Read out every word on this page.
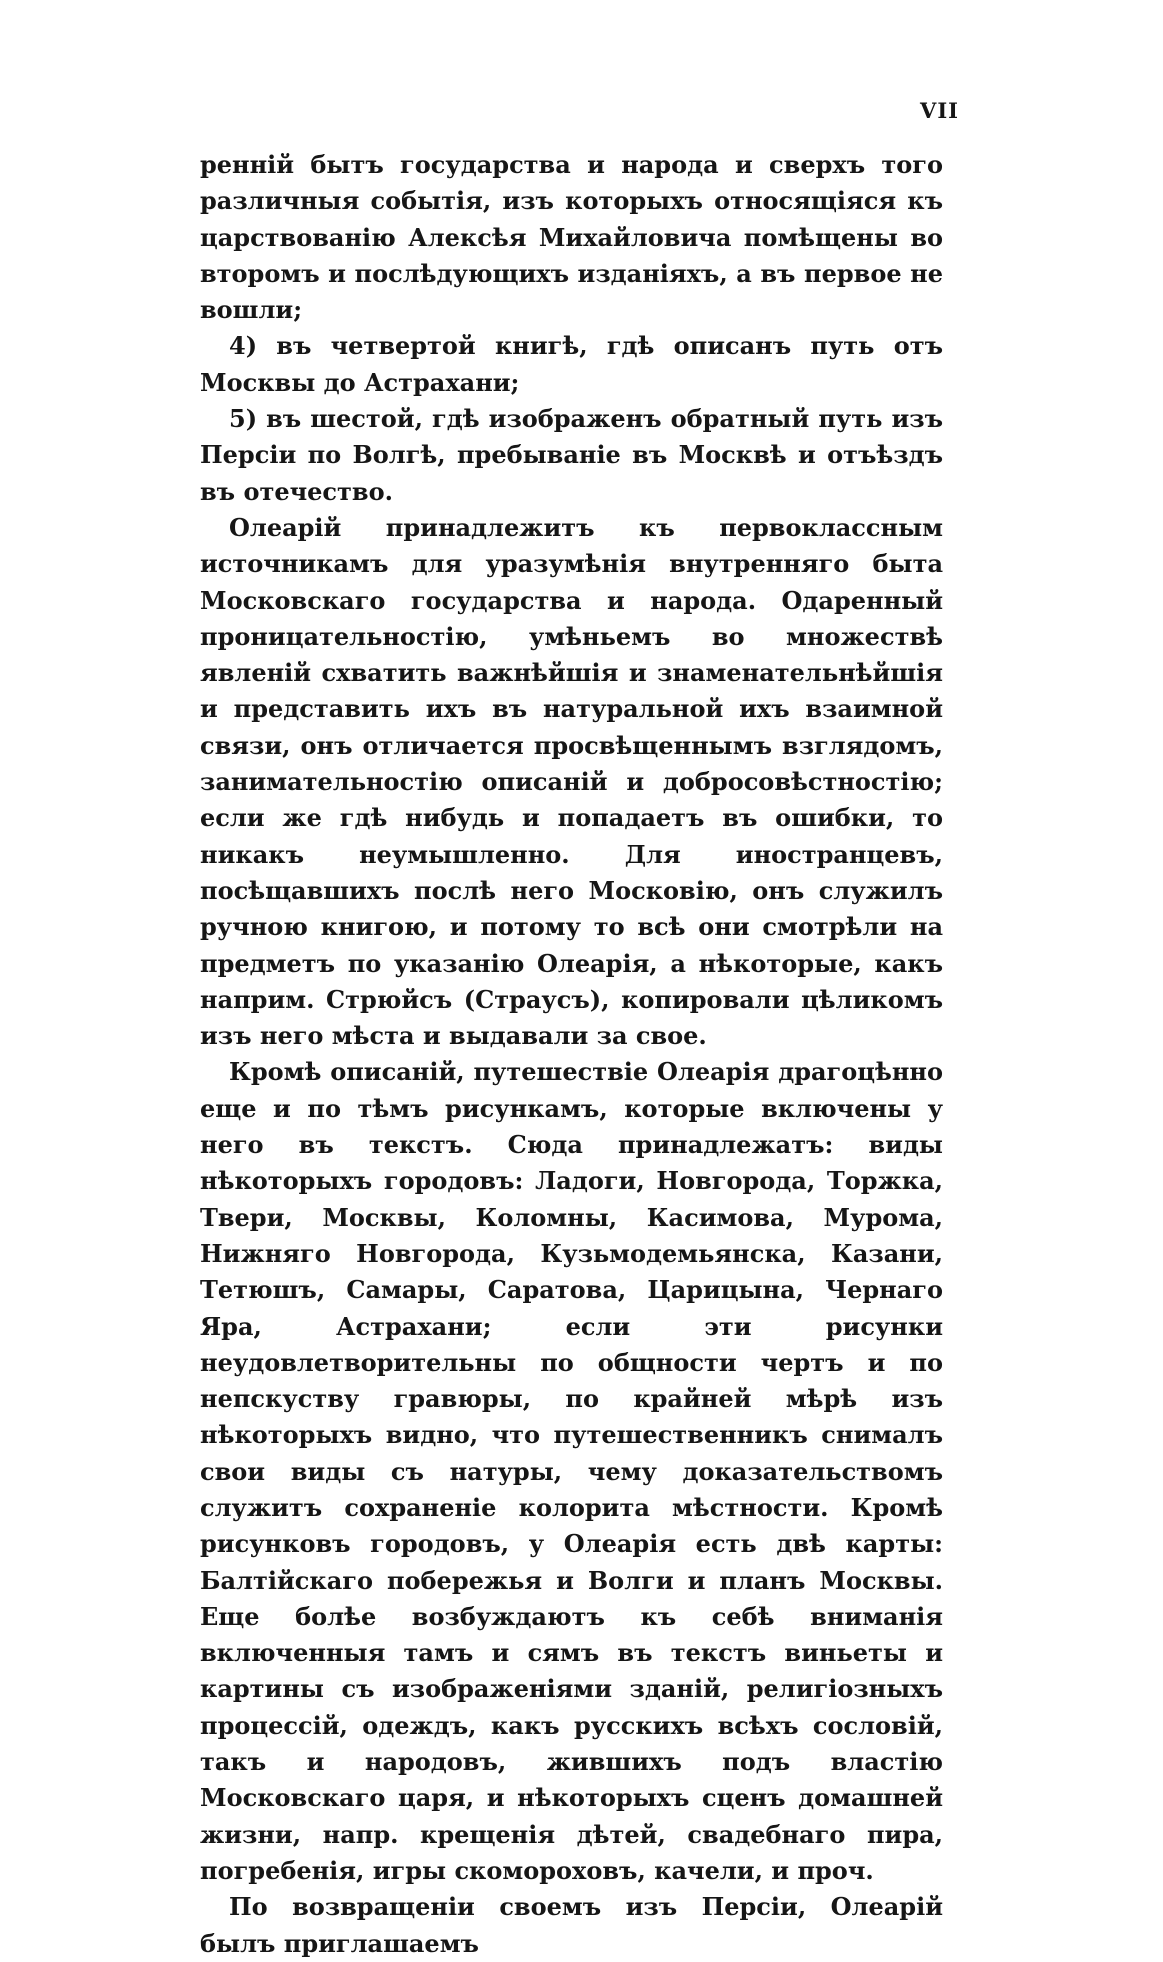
VII

ренній бытъ государства и народа и сверхъ того различныя событія, изъ которыхъ относящіяся къ царствованію Алексѣя Михайловича помѣщены во второмъ и послѣдующихъ изданіяхъ, а въ первое не вошли;

4) въ четвертой книгѣ, гдѣ описанъ путь отъ Москвы до Астрахани;

5) въ шестой, гдѣ изображенъ обратный путь изъ Персіи по Волгѣ, пребываніе въ Москвѣ и отъѣздъ въ отечество.

Олеарій принадлежитъ къ первоклассным источникамъ для уразумѣнія внутренняго быта Московскаго государства и народа. Одаренный проницательностію, умѣньемъ во множествѣ явленій схватить важнѣйшія и знаменательнѣйшія и представить ихъ въ натуральной ихъ взаимной связи, онъ отличается просвѣщеннымъ взглядомъ, занимательностію описаній и добросовѣстностію; если же гдѣ нибудь и попадаетъ въ ошибки, то никакъ неумышленно. Для иностранцевъ, посѣщавшихъ послѣ него Московію, онъ служилъ ручною книгою, и потому то всѣ они смотрѣли на предметъ по указанію Олеарія, а нѣкоторые, какъ наприм. Стрюйсъ (Страусъ), копировали цѣликомъ изъ него мѣста и выдавали за свое.

Кромѣ описаній, путешествіе Олеарія драгоцѣнно еще и по тѣмъ рисункамъ, которые включены у него въ текстъ. Сюда принадлежатъ: виды нѣкоторыхъ городовъ: Ладоги, Новгорода, Торжка, Твери, Москвы, Коломны, Касимова, Мурома, Нижняго Новгорода, Кузьмодемьянска, Казани, Тетюшъ, Самары, Саратова, Царицына, Чернаго Яра, Астрахани; если эти рисунки неудовлетворительны по общности чертъ и по непскуству гравюры, по крайней мѣрѣ изъ нѣкоторыхъ видно, что путешественникъ снималъ свои виды съ натуры, чему доказательствомъ служитъ сохраненіе колорита мѣстности. Кромѣ рисунковъ городовъ, у Олеарія есть двѣ карты: Балтійскаго побережья и Волги и планъ Москвы. Еще болѣе возбуждаютъ къ себѣ вниманія включенныя тамъ и сямъ въ текстъ виньеты и картины съ изображеніями зданій, религіозныхъ процессій, одеждъ, какъ русскихъ всѣхъ сословій, такъ и народовъ, жившихъ подъ властію Московскаго царя, и нѣкоторыхъ сценъ домашней жизни, напр. крещенія дѣтей, свадебнаго пира, погребенія, игры скомороховъ, качели, и проч.

По возвращеніи своемъ изъ Персіи, Олеарій былъ приглашаемъ
